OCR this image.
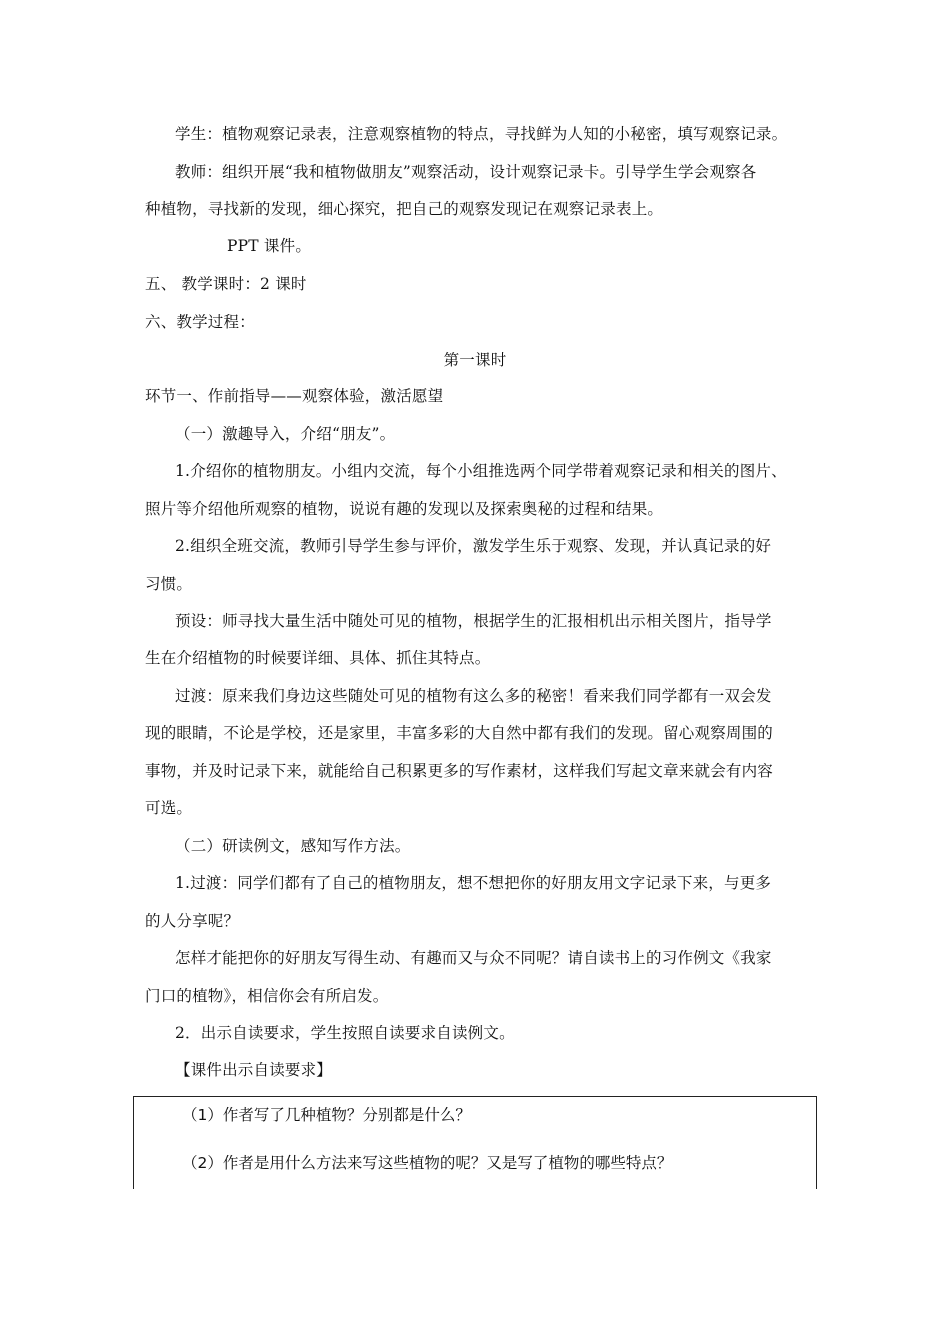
学生：植物观察记录表，注意观察植物的特点，寻找鲜为人知的小秘密，填写观察记录。
教师：组织开展“我和植物做朋友”观察活动，设计观察记录卡。引导学生学会观察各
种植物，寻找新的发现，细心探究，把自己的观察发现记在观察记录表上。
PPT 课件。
五、 教学课时：2 课时
六、教学过程：
第一课时
环节一、作前指导——观察体验，激活愿望
（一）激趣导入，介绍“朋友”。
1.介绍你的植物朋友。小组内交流，每个小组推选两个同学带着观察记录和相关的图片、
照片等介绍他所观察的植物，说说有趣的发现以及探索奥秘的过程和结果。
2.组织全班交流，教师引导学生参与评价，激发学生乐于观察、发现，并认真记录的好
习惯。
预设：师寻找大量生活中随处可见的植物，根据学生的汇报相机出示相关图片，指导学
生在介绍植物的时候要详细、具体、抓住其特点。
过渡：原来我们身边这些随处可见的植物有这么多的秘密！看来我们同学都有一双会发
现的眼睛，不论是学校，还是家里，丰富多彩的大自然中都有我们的发现。留心观察周围的
事物，并及时记录下来，就能给自己积累更多的写作素材，这样我们写起文章来就会有内容
可选。
（二）研读例文，感知写作方法。
1.过渡：同学们都有了自己的植物朋友，想不想把你的好朋友用文字记录下来，与更多
的人分享呢？
怎样才能把你的好朋友写得生动、有趣而又与众不同呢？请自读书上的习作例文《我家
门口的植物》，相信你会有所启发。
2．出示自读要求，学生按照自读要求自读例文。
【课件出示自读要求】
（1）作者写了几种植物？分别都是什么？
（2）作者是用什么方法来写这些植物的呢？又是写了植物的哪些特点？
